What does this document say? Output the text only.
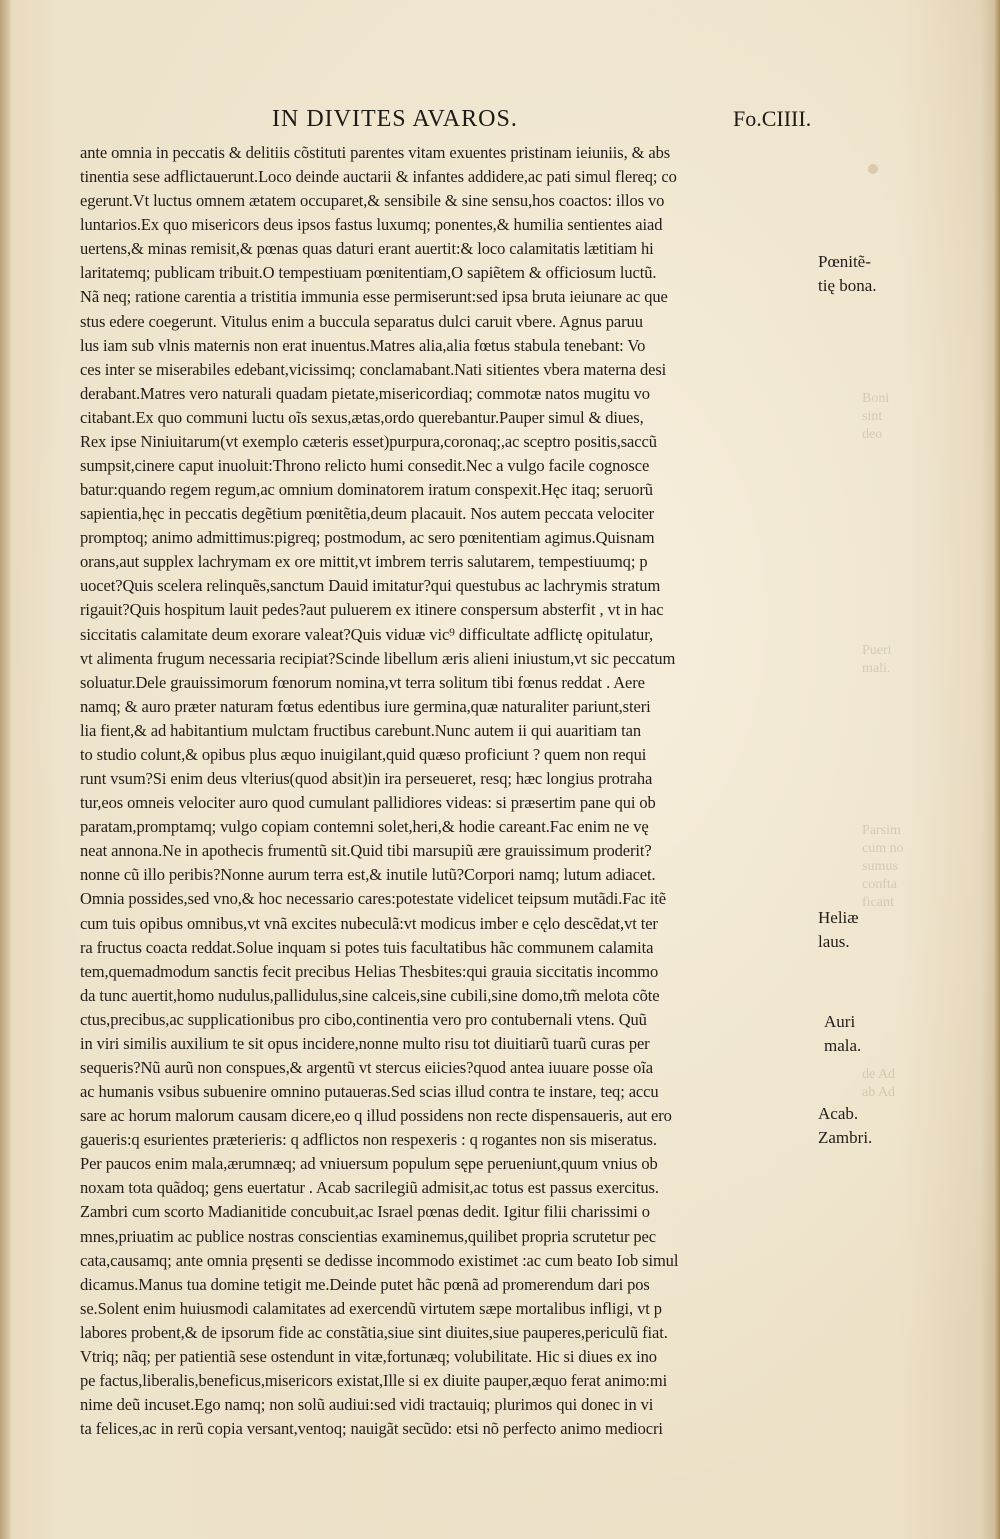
IN DIVITES AVAROS.	Fo.CIIII.
ante omnia in peccatis & delitiis cõstituti parentes vitam exuentes pristinam ieiuniis, & abs
tinentia sese adflictauerunt.Loco deinde auctarii & infantes addidere,ac pati simul flereq; co
egerunt.Vt luctus omnem ætatem occuparet,& sensibile & sine sensu,hos coactos: illos vo
luntarios.Ex quo misericors deus ipsos fastus luxumq; ponentes,& humilia sentientes aiad
uertens,& minas remisit,& pœnas quas daturi erant auertit:& loco calamitatis lætitiam hi
laritatemq; publicam tribuit.O tempestiuam pœnitentiam,O sapiẽtem & officiosum luctũ.
Nã neq; ratione carentia a tristitia immunia esse permiserunt:sed ipsa bruta ieiunare ac que
stus edere coegerunt. Vitulus enim a buccula separatus dulci caruit vbere. Agnus paruu
lus iam sub vlnis maternis non erat inuentus.Matres alia,alia fœtus stabula tenebant: Vo
ces inter se miserabiles edebant,vicissimq; conclamabant.Nati sitientes vbera materna desi
derabant.Matres vero naturali quadam pietate,misericordiaq; commotæ natos mugitu vo
citabant.Ex quo communi luctu oĩs sexus,ætas,ordo querebantur.Pauper simul & diues,
Rex ipse Niniuitarum(vt exemplo cæteris esset)purpura,coronaq;,ac sceptro positis,saccũ
sumpsit,cinere caput inuoluit:Throno relicto humi consedit.Nec a vulgo facile cognosce
batur:quando regem regum,ac omnium dominatorem iratum conspexit.Hęc itaq; seruorũ
sapientia,hęc in peccatis degẽtium pœnitẽtia,deum placauit. Nos autem peccata velociter
promptoq; animo admittimus:pigreq; postmodum, ac sero pœnitentiam agimus.Quisnam
orans,aut supplex lachrymam ex ore mittit,vt imbrem terris salutarem, tempestiuumq; p
uocet?Quis scelera relinquẽs,sanctum Dauid imitatur?qui questubus ac lachrymis stratum
rigauit?Quis hospitum lauit pedes?aut puluerem ex itinere conspersum absterfit , vt in hac
siccitatis calamitate deum exorare valeat?Quis viduæ vic⁹ difficultate adflictę opitulatur,
vt alimenta frugum necessaria recipiat?Scinde libellum æris alieni iniustum,vt sic peccatum
soluatur.Dele grauissimorum fœnorum nomina,vt terra solitum tibi fœnus reddat . Aere
namq; & auro præter naturam fœtus edentibus iure germina,quæ naturaliter pariunt,steri
lia fient,& ad habitantium mulctam fructibus carebunt.Nunc autem ii qui auaritiam tan
to studio colunt,& opibus plus æquo inuigilant,quid quæso proficiunt ? quem non requi
runt vsum?Si enim deus vlterius(quod absit)in ira perseueret, resq; hæc longius protraha
tur,eos omneis velociter auro quod cumulant pallidiores videas: si præsertim pane qui ob
paratam,promptamq; vulgo copiam contemni solet,heri,& hodie careant.Fac enim ne vę
neat annona.Ne in apothecis frumentũ sit.Quid tibi marsupiũ ære grauissimum proderit?
nonne cũ illo peribis?Nonne aurum terra est,& inutile lutũ?Corpori namq; lutum adiacet.
Omnia possides,sed vno,& hoc necessario cares:potestate videlicet teipsum mutãdi.Fac itẽ
cum tuis opibus omnibus,vt vnã excites nubeculã:vt modicus imber e cęlo descẽdat,vt ter
ra fructus coacta reddat.Solue inquam si potes tuis facultatibus hãc communem calamita
tem,quemadmodum sanctis fecit precibus Helias Thesbites:qui grauia siccitatis incommo
da tunc auertit,homo nudulus,pallidulus,sine calceis,sine cubili,sine domo,tm̃ melota cõte
ctus,precibus,ac supplicationibus pro cibo,continentia vero pro contubernali vtens. Quũ
in viri similis auxilium te sit opus incidere,nonne multo risu tot diuitiarũ tuarũ curas per
sequeris?Nũ aurũ non conspues,& argentũ vt stercus eiicies?quod antea iuuare posse oĩa
ac humanis vsibus subuenire omnino putaueras.Sed scias illud contra te instare, teq; accu
sare ac horum malorum causam dicere,eo q illud possidens non recte dispensaueris, aut ero
gaueris:q esurientes præterieris: q adflictos non respexeris : q rogantes non sis miseratus.
Per paucos enim mala,ærumnæq; ad vniuersum populum sępe perueniunt,quum vnius ob
noxam tota quãdoq; gens euertatur . Acab sacrilegiũ admisit,ac totus est passus exercitus.
Zambri cum scorto Madianitide concubuit,ac Israel pœnas dedit. Igitur filii charissimi o
mnes,priuatim ac publice nostras conscientias examinemus,quilibet propria scrutetur pec
cata,causamq; ante omnia pręsenti se dedisse incommodo existimet :ac cum beato Iob simul
dicamus.Manus tua domine tetigit me.Deinde putet hãc pœnã ad promerendum dari pos
se.Solent enim huiusmodi calamitates ad exercendũ virtutem sæpe mortalibus infligi, vt p
labores probent,& de ipsorum fide ac constãtia,siue sint diuites,siue pauperes,periculũ fiat.
Vtriq; nãq; per patientiã sese ostendunt in vitæ,fortunæq; volubilitate. Hic si diues ex ino
pe factus,liberalis,beneficus,misericors existat,Ille si ex diuite pauper,æquo ferat animo:mi
nime deũ incuset.Ego namq; non solũ audiui:sed vidi tractauiq; plurimos qui donec in vi
ta felices,ac in rerũ copia versant,ventoq; nauigãt secũdo: etsi nõ perfecto animo mediocri
Pœnitẽ-
tię bona.
Heliæ
laus.
Auri
mala.
Acab.
Zambri.
Boni
sint
deo
Pueri
mali.
Parsim
cum no
sumus
confta
ficant
de Ad
ab Ad
